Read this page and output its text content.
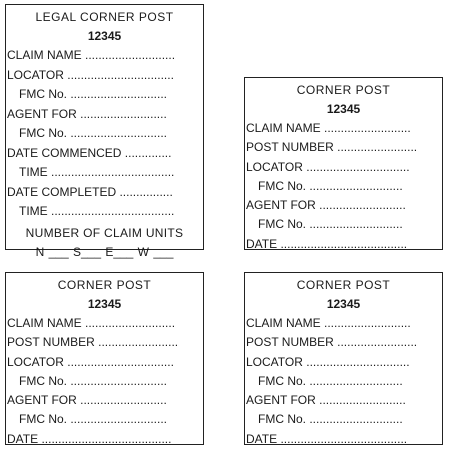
LEGAL CORNER POST
12345
CLAIM NAME ...........................
LOCATOR ................................
FMC No. .............................
AGENT FOR ..........................
FMC No. .............................
DATE COMMENCED ..............
TIME .....................................
DATE COMPLETED ................
TIME .....................................
NUMBER OF CLAIM UNITS
N ___ S___ E___ W ___
CORNER POST
12345
CLAIM NAME ..........................
POST NUMBER ........................
LOCATOR ...............................
FMC No. ............................
AGENT FOR ..........................
FMC No. ............................
DATE ......................................
CORNER POST
12345
CLAIM NAME ...........................
POST NUMBER ........................
LOCATOR ................................
FMC No. .............................
AGENT FOR ..........................
FMC No. .............................
DATE .......................................
CORNER POST
12345
CLAIM NAME ..........................
POST NUMBER ........................
LOCATOR ...............................
FMC No. ............................
AGENT FOR ..........................
FMC No. ............................
DATE ......................................
